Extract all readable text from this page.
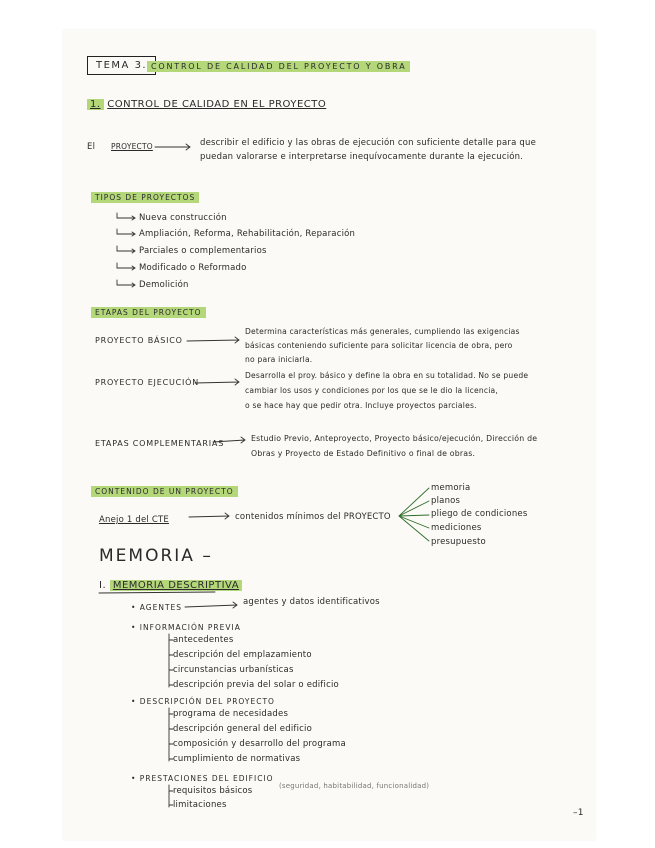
TEMA 3. CONTROL DE CALIDAD DEL PROYECTO Y OBRA
1. CONTROL DE CALIDAD EN EL PROYECTO
El PROYECTO	describir el edificio y las obras de ejecución con suficiente detalle para que
puedan valorarse e interpretarse inequívocamente durante la ejecución.
TIPOS DE PROYECTOS
Nueva construcción
Ampliación, Reforma, Rehabilitación, Reparación
Parciales o complementarios
Modificado o Reformado
Demolición
ETAPAS DEL PROYECTO
PROYECTO BÁSICO
Determina características más generales, cumpliendo las exigencias
básicas conteniendo suficiente para solicitar licencia de obra, pero
no para iniciarla.
PROYECTO EJECUCIÓN
Desarrolla el proy. básico y define la obra en su totalidad. No se puede
cambiar los usos y condiciones por los que se le dio la licencia,
o se hace hay que pedir otra. Incluye proyectos parciales.
ETAPAS COMPLEMENTARIAS
Estudio Previo, Anteproyecto, Proyecto básico/ejecución, Dirección de
Obras y Proyecto de Estado Definitivo o final de obras.
CONTENIDO DE UN PROYECTO
Anejo 1 del CTE	contenidos mínimos del PROYECTO
memoria
planos
pliego de condiciones
mediciones
presupuesto
MEMORIA –
I. MEMORIA DESCRIPTIVA
• AGENTES
agentes y datos identificativos
• INFORMACIÓN PREVIA
antecedentes
descripción del emplazamiento
circunstancias urbanísticas
descripción previa del solar o edificio
• DESCRIPCIÓN DEL PROYECTO
programa de necesidades
descripción general del edificio
composición y desarrollo del programa
cumplimiento de normativas
• PRESTACIONES DEL EDIFICIO
requisitos básicos	(seguridad, habitabilidad, funcionalidad)
limitaciones
–1
